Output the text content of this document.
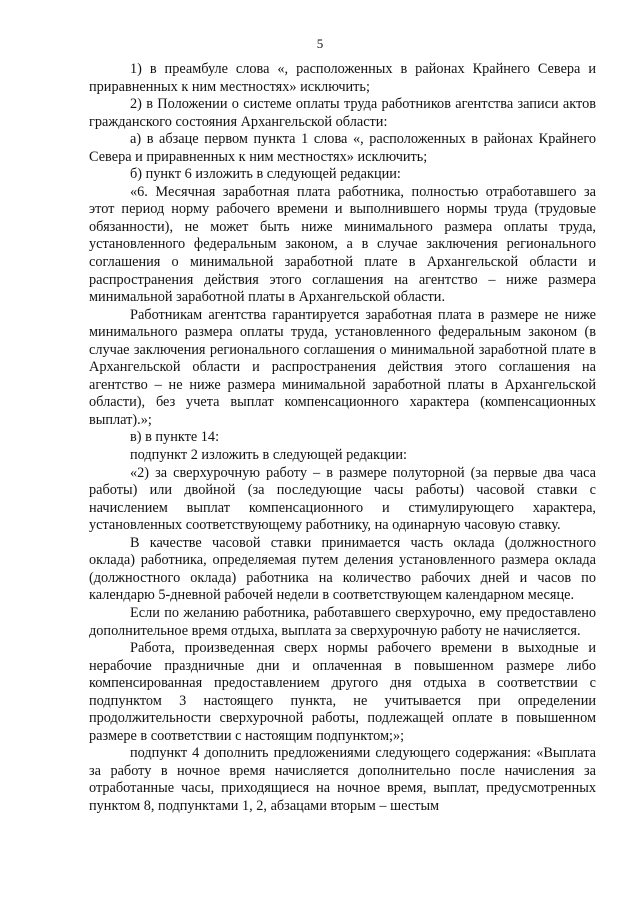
5

1) в преамбуле слова «, расположенных в районах Крайнего Севера и приравненных к ним местностях» исключить;

2) в Положении о системе оплаты труда работников агентства записи актов гражданского состояния Архангельской области:

а) в абзаце первом пункта 1 слова «, расположенных в районах Крайнего Севера и приравненных к ним местностях» исключить;

б) пункт 6 изложить в следующей редакции:

«6. Месячная заработная плата работника, полностью отработавшего за этот период норму рабочего времени и выполнившего нормы труда (трудовые обязанности), не может быть ниже минимального размера оплаты труда, установленного федеральным законом, а в случае заключения регионального соглашения о минимальной заработной плате в Архангельской области и распространения действия этого соглашения на агентство – ниже размера минимальной заработной платы в Архангельской области.

Работникам агентства гарантируется заработная плата в размере не ниже минимального размера оплаты труда, установленного федеральным законом (в случае заключения регионального соглашения о минимальной заработной плате в Архангельской области и распространения действия этого соглашения на агентство – не ниже размера минимальной заработной платы в Архангельской области), без учета выплат компенсационного характера (компенсационных выплат).»;

в) в пункте 14:

подпункт 2 изложить в следующей редакции:

«2) за сверхурочную работу – в размере полуторной (за первые два часа работы) или двойной (за последующие часы работы) часовой ставки с начислением выплат компенсационного и стимулирующего характера, установленных соответствующему работнику, на одинарную часовую ставку.

В качестве часовой ставки принимается часть оклада (должностного оклада) работника, определяемая путем деления установленного размера оклада (должностного оклада) работника на количество рабочих дней и часов по календарю 5-дневной рабочей недели в соответствующем календарном месяце.

Если по желанию работника, работавшего сверхурочно, ему предоставлено дополнительное время отдыха, выплата за сверхурочную работу не начисляется.

Работа, произведенная сверх нормы рабочего времени в выходные и нерабочие праздничные дни и оплаченная в повышенном размере либо компенсированная предоставлением другого дня отдыха в соответствии с подпунктом 3 настоящего пункта, не учитывается при определении продолжительности сверхурочной работы, подлежащей оплате в повышенном размере в соответствии с настоящим подпунктом;»;

подпункт 4 дополнить предложениями следующего содержания: «Выплата за работу в ночное время начисляется дополнительно после начисления за отработанные часы, приходящиеся на ночное время, выплат, предусмотренных пунктом 8, подпунктами 1, 2, абзацами вторым – шестым
